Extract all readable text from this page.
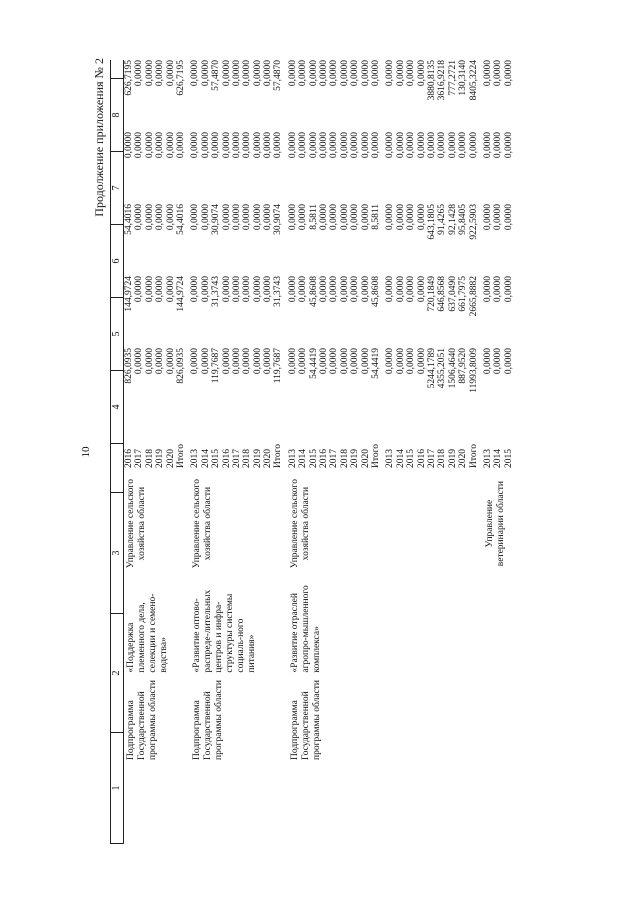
10
Продолжение приложения № 2
1
2
3
4
5
6
7
8
Подпрограмма Государственной программы области
«Поддержка племенного дела, селекции и семено-водства»
Управление сельского хозяйства области
2016
826,0935
144,9724
54,4016
0,0000
626,7195
2017
0,0000
0,0000
0,0000
0,0000
0,0000
2018
0,0000
0,0000
0,0000
0,0000
0,0000
2019
0,0000
0,0000
0,0000
0,0000
0,0000
2020
0,0000
0,0000
0,0000
0,0000
0,0000
Итого
826,0935
144,9724
54,4016
0,0000
626,7195
Подпрограмма Государственной программы области
«Развитие оптово-распреде-лительных центров и инфра-структуры системы социаль-ного питания»
Управление сельского хозяйства области
2013
0,0000
0,0000
0,0000
0,0000
0,0000
2014
0,0000
0,0000
0,0000
0,0000
0,0000
2015
119,7687
31,3743
30,9074
0,0000
57,4870
2016
0,0000
0,0000
0,0000
0,0000
0,0000
2017
0,0000
0,0000
0,0000
0,0000
0,0000
2018
0,0000
0,0000
0,0000
0,0000
0,0000
2019
0,0000
0,0000
0,0000
0,0000
0,0000
2020
0,0000
0,0000
0,0000
0,0000
0,0000
Итого
119,7687
31,3743
30,9074
0,0000
57,4870
Подпрограмма Государственной программы области
«Развитие отраслей агропро-мышленного комплекса»
Управление сельского хозяйства области
2013
0,0000
0,0000
0,0000
0,0000
0,0000
2014
0,0000
0,0000
0,0000
0,0000
0,0000
2015
54,4419
45,8608
8,5811
0,0000
0,0000
2016
0,0000
0,0000
0,0000
0,0000
0,0000
2017
0,0000
0,0000
0,0000
0,0000
0,0000
2018
0,0000
0,0000
0,0000
0,0000
0,0000
2019
0,0000
0,0000
0,0000
0,0000
0,0000
2020
0,0000
0,0000
0,0000
0,0000
0,0000
Итого
54,4419
45,8608
8,5811
0,0000
0,0000
2013
0,0000
0,0000
0,0000
0,0000
0,0000
2014
0,0000
0,0000
0,0000
0,0000
0,0000
2015
0,0000
0,0000
0,0000
0,0000
0,0000
2016
0,0000
0,0000
0,0000
0,0000
0,0000
2017
5244,1789
720,1849
643,1805
0,0000
3880,8135
2018
4355,2051
646,8568
91,4265
0,0000
3616,9218
2019
1506,4640
637,0490
92,1428
0,0000
777,2721
2020
887,9520
661,7975
95,8405
0,0000
130,3140
Итого
11993,8009
2665,8882
922,5903
0,0000
8405,3224
Управление ветеринарии области
2013
0,0000
0,0000
0,0000
0,0000
0,0000
2014
0,0000
0,0000
0,0000
0,0000
0,0000
2015
0,0000
0,0000
0,0000
0,0000
0,0000
